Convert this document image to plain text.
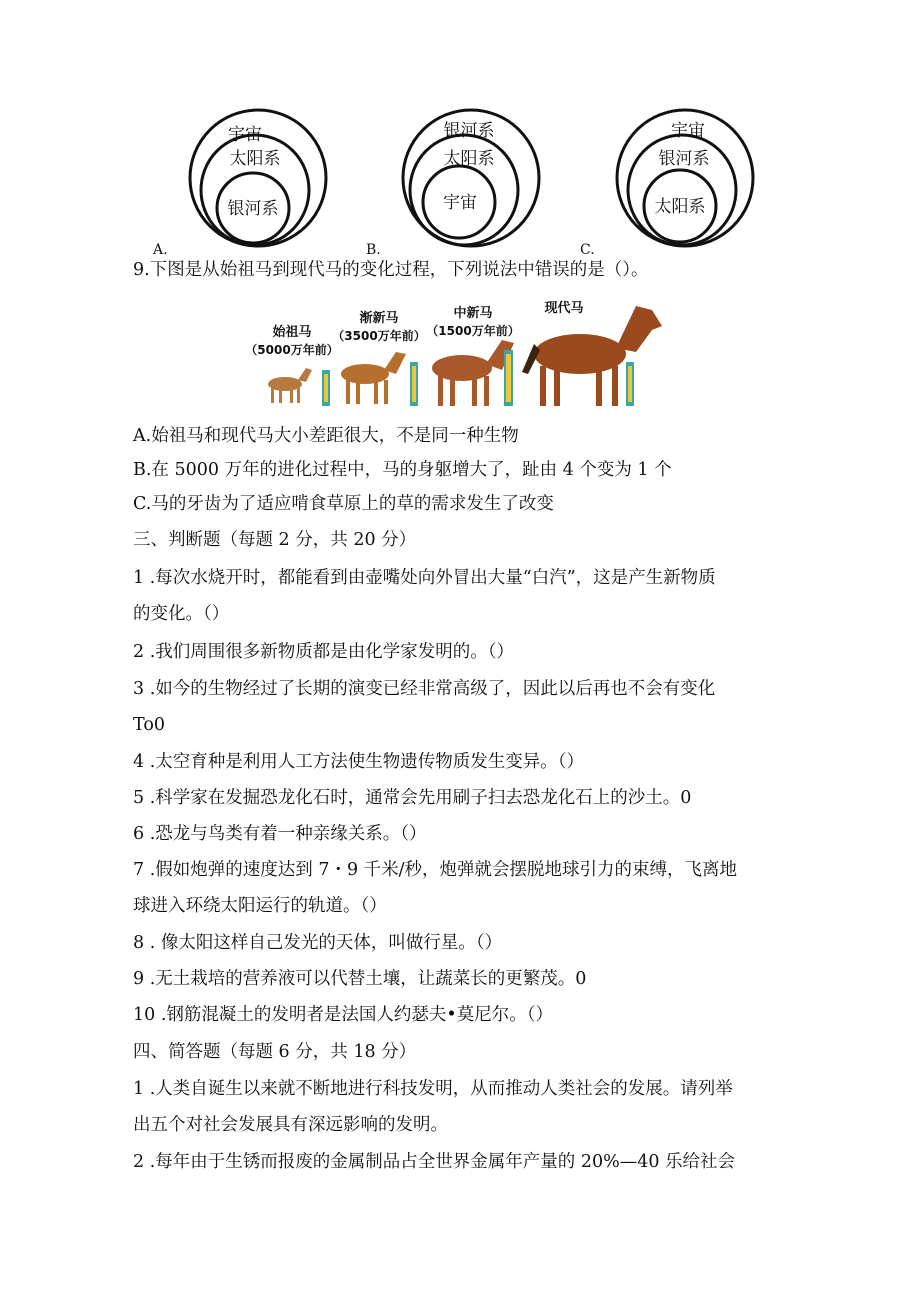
宇宙
太阳系
银河系
A.
银河系
太阳系
宇宙
B.
宇宙
银河系
太阳系
C.
9.下图是从始祖马到现代马的变化过程，下列说法中错误的是（）。
始祖马
（5000万年前）
渐新马
（3500万年前）
中新马
（1500万年前）
现代马
A.始祖马和现代马大小差距很大，不是同一种生物
B.在 5000 万年的进化过程中，马的身躯增大了，趾由 4 个变为 1 个
C.马的牙齿为了适应啃食草原上的草的需求发生了改变
三、判断题（每题 2 分，共 20 分）
1 .每次水烧开时，都能看到由壶嘴处向外冒出大量“白汽”，这是产生新物质
的变化。（）
2 .我们周围很多新物质都是由化学家发明的。（）
3 .如今的生物经过了长期的演变已经非常高级了，因此以后再也不会有变化
To0
4 .太空育种是利用人工方法使生物遗传物质发生变异。（）
5 .科学家在发掘恐龙化石时，通常会先用刷子扫去恐龙化石上的沙土。0
6 .恐龙与鸟类有着一种亲缘关系。（）
7 .假如炮弹的速度达到 7・9 千米/秒，炮弹就会摆脱地球引力的束缚，飞离地
球进入环绕太阳运行的轨道。（）
8 . 像太阳这样自己发光的天体，叫做行星。（）
9 .无土栽培的营养液可以代替土壤，让蔬菜长的更繁茂。0
10 .钢筋混凝土的发明者是法国人约瑟夫•莫尼尔。（）
四、简答题（每题 6 分，共 18 分）
1 .人类自诞生以来就不断地进行科技发明，从而推动人类社会的发展。请列举
出五个对社会发展具有深远影响的发明。
2 .每年由于生锈而报废的金属制品占全世界金属年产量的 20%—40 乐给社会
